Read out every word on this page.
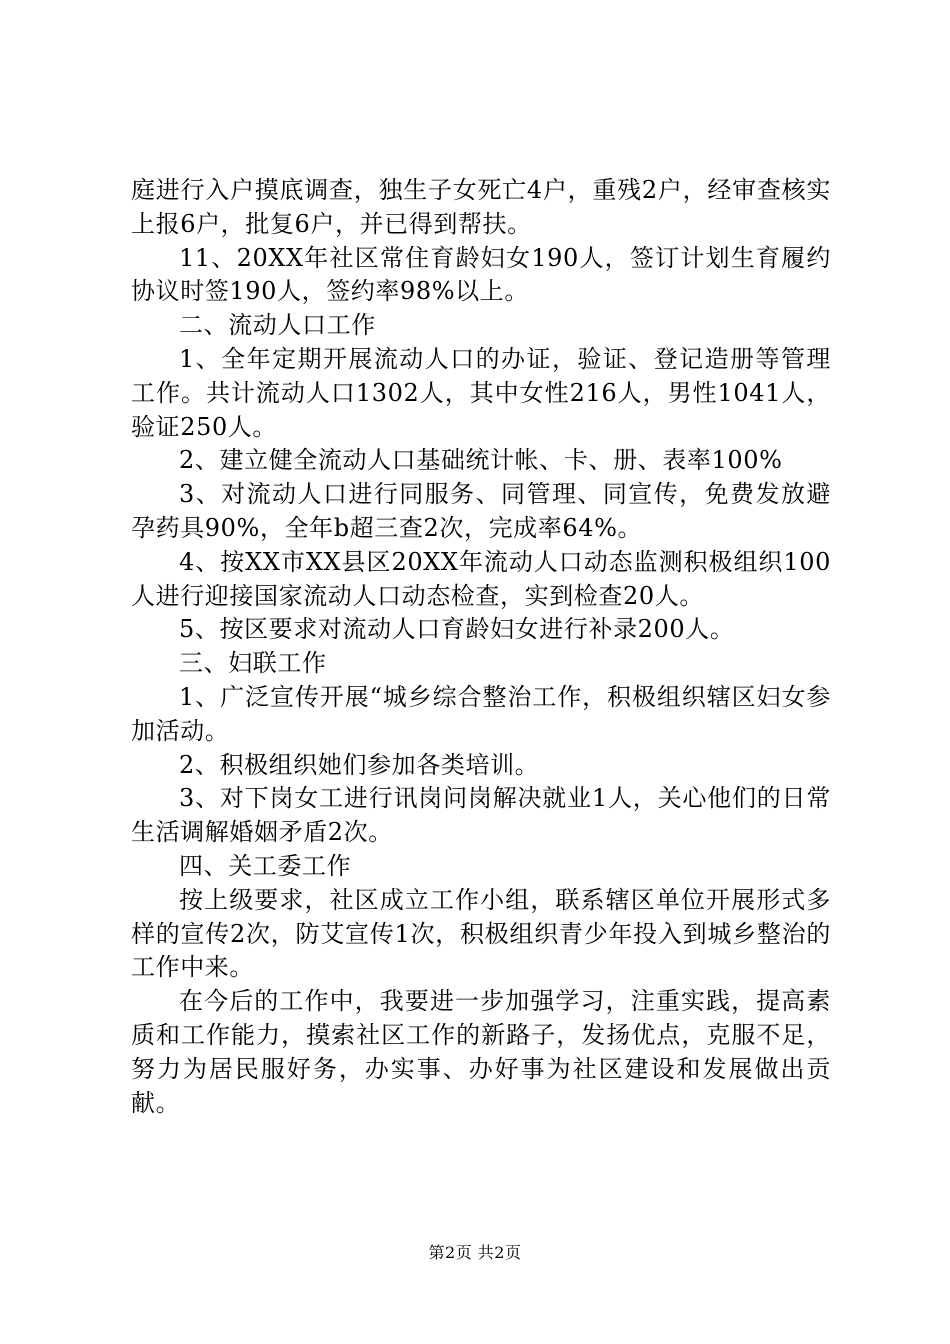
庭进行入户摸底调查，独生子女死亡4户，重残2户，经审查核实上报6户，批复6户，并已得到帮扶。

11、20XX年社区常住育龄妇女190人，签订计划生育履约协议时签190人，签约率98%以上。

二、流动人口工作

1、全年定期开展流动人口的办证，验证、登记造册等管理工作。共计流动人口1302人，其中女性216人，男性1041人，验证250人。

2、建立健全流动人口基础统计帐、卡、册、表率100%

3、对流动人口进行同服务、同管理、同宣传，免费发放避孕药具90%，全年b超三查2次，完成率64%。

4、按XX市XX县区20XX年流动人口动态监测积极组织100人进行迎接国家流动人口动态检查，实到检查20人。

5、按区要求对流动人口育龄妇女进行补录200人。

三、妇联工作

1、广泛宣传开展“城乡综合整治工作，积极组织辖区妇女参加活动。

2、积极组织她们参加各类培训。

3、对下岗女工进行讯岗问岗解决就业1人，关心他们的日常生活调解婚姻矛盾2次。

四、关工委工作

按上级要求，社区成立工作小组，联系辖区单位开展形式多样的宣传2次，防艾宣传1次，积极组织青少年投入到城乡整治的工作中来。

在今后的工作中，我要进一步加强学习，注重实践，提高素质和工作能力，摸索社区工作的新路子，发扬优点，克服不足，努力为居民服好务，办实事、办好事为社区建设和发展做出贡献。

第2页 共2页
